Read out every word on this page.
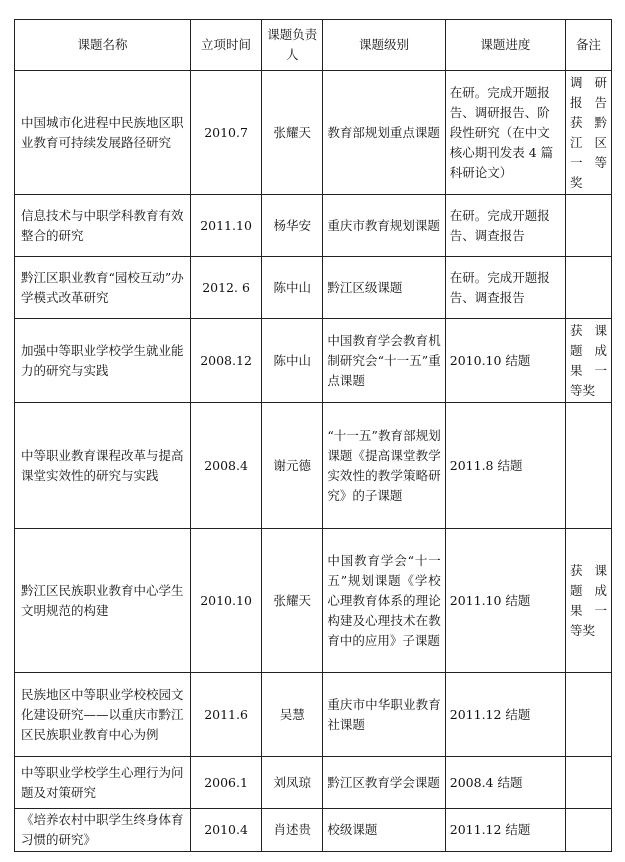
课题名称	立项时间	课题负责人	课题级别	课题进度	备注
中国城市化进程中民族地区职业教育可持续发展路径研究	2010.7	张耀天	教育部规划重点课题	在研。完成开题报告、调研报告、阶段性研究（在中文核心期刊发表 4 篇科研论文）	调研报告获黔江区一等奖
信息技术与中职学科教育有效整合的研究	2011.10	杨华安	重庆市教育规划课题	在研。完成开题报告、调查报告	
黔江区职业教育“园校互动”办学模式改革研究	2012. 6	陈中山	黔江区级课题	在研。完成开题报告、调查报告	
加强中等职业学校学生就业能力的研究与实践	2008.12	陈中山	中国教育学会教育机制研究会“十一五”重点课题	2010.10 结题	获课题成果一等奖
中等职业教育课程改革与提高课堂实效性的研究与实践	2008.4	谢元德	“十一五”教育部规划课题《提高课堂教学实效性的教学策略研究》的子课题	2011.8 结题	
黔江区民族职业教育中心学生文明规范的构建	2010.10	张耀天	中国教育学会“十一五”规划课题《学校心理教育体系的理论构建及心理技术在教育中的应用》子课题	2011.10 结题	获课题成果一等奖
民族地区中等职业学校校园文化建设研究——以重庆市黔江区民族职业教育中心为例	2011.6	吴慧	重庆市中华职业教育社课题	2011.12 结题	
中等职业学校学生心理行为问题及对策研究	2006.1	刘凤琼	黔江区教育学会课题	2008.4 结题	
《培养农村中职学生终身体育习惯的研究》	2010.4	肖述贵	校级课题	2011.12 结题	
